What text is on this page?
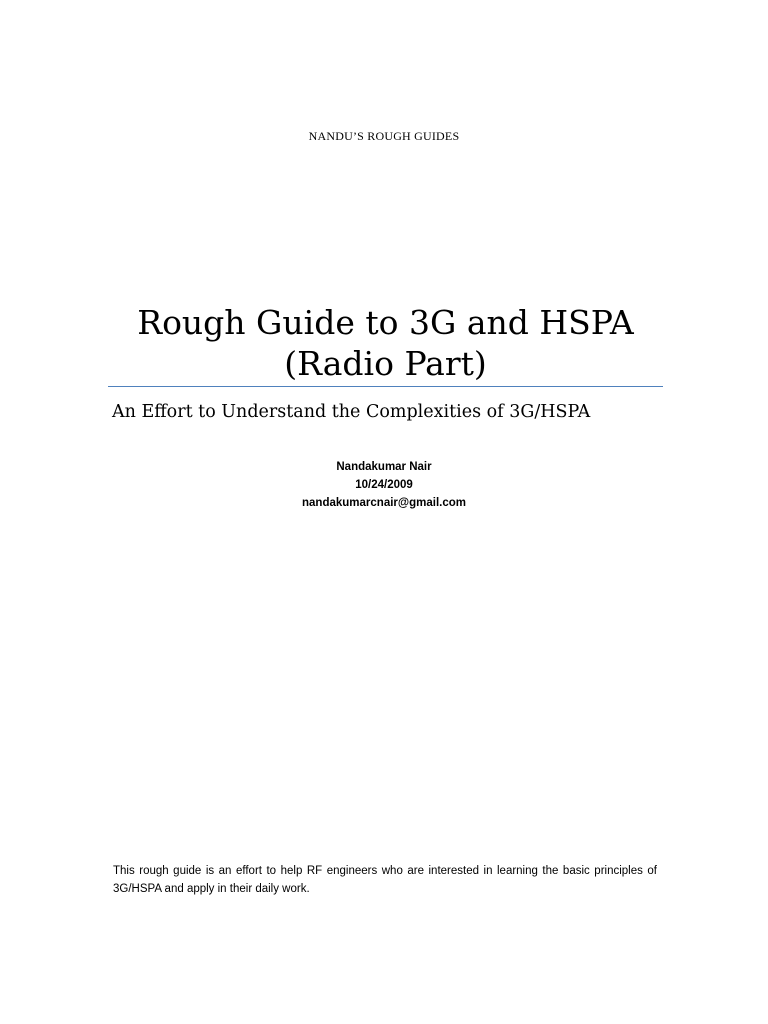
NANDU’S ROUGH GUIDES
Rough Guide to 3G and HSPA
(Radio Part)
An Effort to Understand the Complexities of 3G/HSPA
Nandakumar Nair
10/24/2009
nandakumarcnair@gmail.com
This rough guide is an effort to help RF engineers who are interested in learning the basic principles of 3G/HSPA and apply in their daily work.
